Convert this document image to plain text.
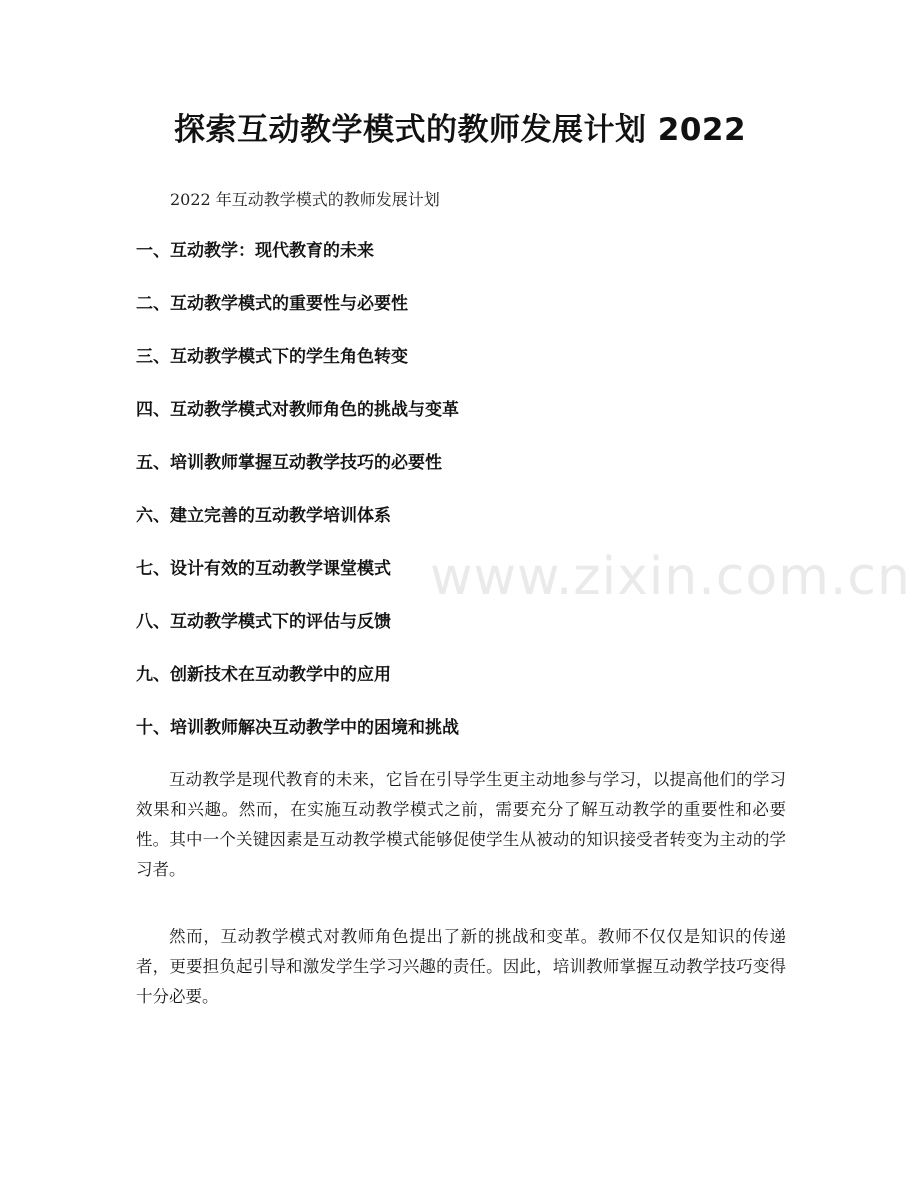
探索互动教学模式的教师发展计划 2022
2022 年互动教学模式的教师发展计划
一、互动教学：现代教育的未来
二、互动教学模式的重要性与必要性
三、互动教学模式下的学生角色转变
四、互动教学模式对教师角色的挑战与变革
五、培训教师掌握互动教学技巧的必要性
六、建立完善的互动教学培训体系
七、设计有效的互动教学课堂模式
八、互动教学模式下的评估与反馈
九、创新技术在互动教学中的应用
十、培训教师解决互动教学中的困境和挑战

互动教学是现代教育的未来，它旨在引导学生更主动地参与学习，以提高他们的学习效果和兴趣。然而，在实施互动教学模式之前，需要充分了解互动教学的重要性和必要性。其中一个关键因素是互动教学模式能够促使学生从被动的知识接受者转变为主动的学习者。

然而，互动教学模式对教师角色提出了新的挑战和变革。教师不仅仅是知识的传递者，更要担负起引导和激发学生学习兴趣的责任。因此，培训教师掌握互动教学技巧变得十分必要。

www.zixin.com.cn
